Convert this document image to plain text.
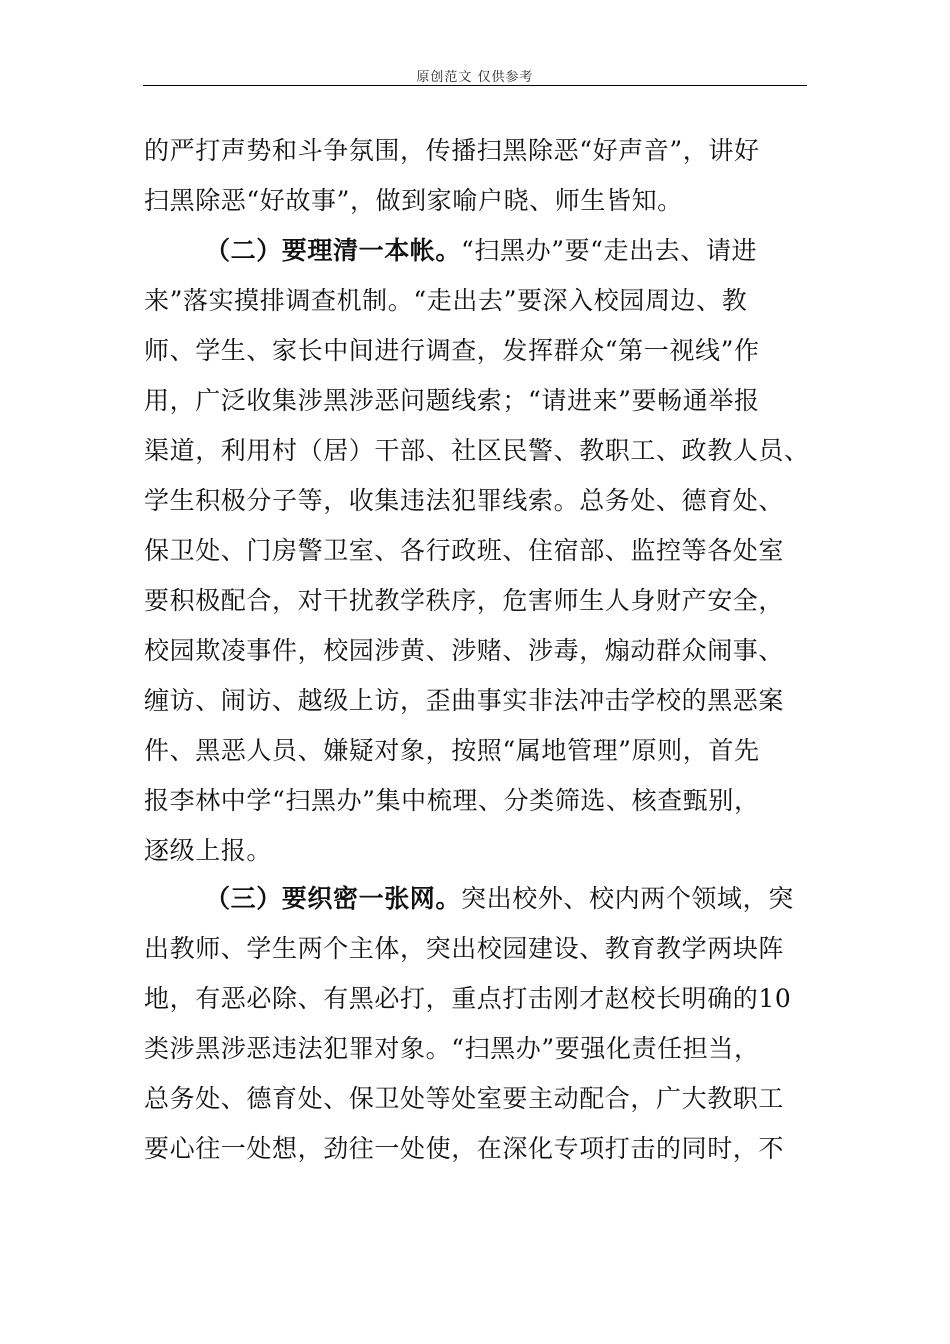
原创范文 仅供参考
的严打声势和斗争氛围，传播扫黑除恶“好声音”，讲好
扫黑除恶“好故事”，做到家喻户晓、师生皆知。
（二）要理清一本帐。“扫黑办”要“走出去、请进
来”落实摸排调查机制。“走出去”要深入校园周边、教
师、学生、家长中间进行调查，发挥群众“第一视线”作
用，广泛收集涉黑涉恶问题线索；“请进来”要畅通举报
渠道，利用村（居）干部、社区民警、教职工、政教人员、
学生积极分子等，收集违法犯罪线索。总务处、德育处、
保卫处、门房警卫室、各行政班、住宿部、监控等各处室
要积极配合，对干扰教学秩序，危害师生人身财产安全，
校园欺凌事件，校园涉黄、涉赌、涉毒，煽动群众闹事、
缠访、闹访、越级上访，歪曲事实非法冲击学校的黑恶案
件、黑恶人员、嫌疑对象，按照“属地管理”原则，首先
报李林中学“扫黑办”集中梳理、分类筛选、核查甄别，
逐级上报。
（三）要织密一张网。突出校外、校内两个领域，突
出教师、学生两个主体，突出校园建设、教育教学两块阵
地，有恶必除、有黑必打，重点打击刚才赵校长明确的10
类涉黑涉恶违法犯罪对象。“扫黑办”要强化责任担当，
总务处、德育处、保卫处等处室要主动配合，广大教职工
要心往一处想，劲往一处使，在深化专项打击的同时，不
